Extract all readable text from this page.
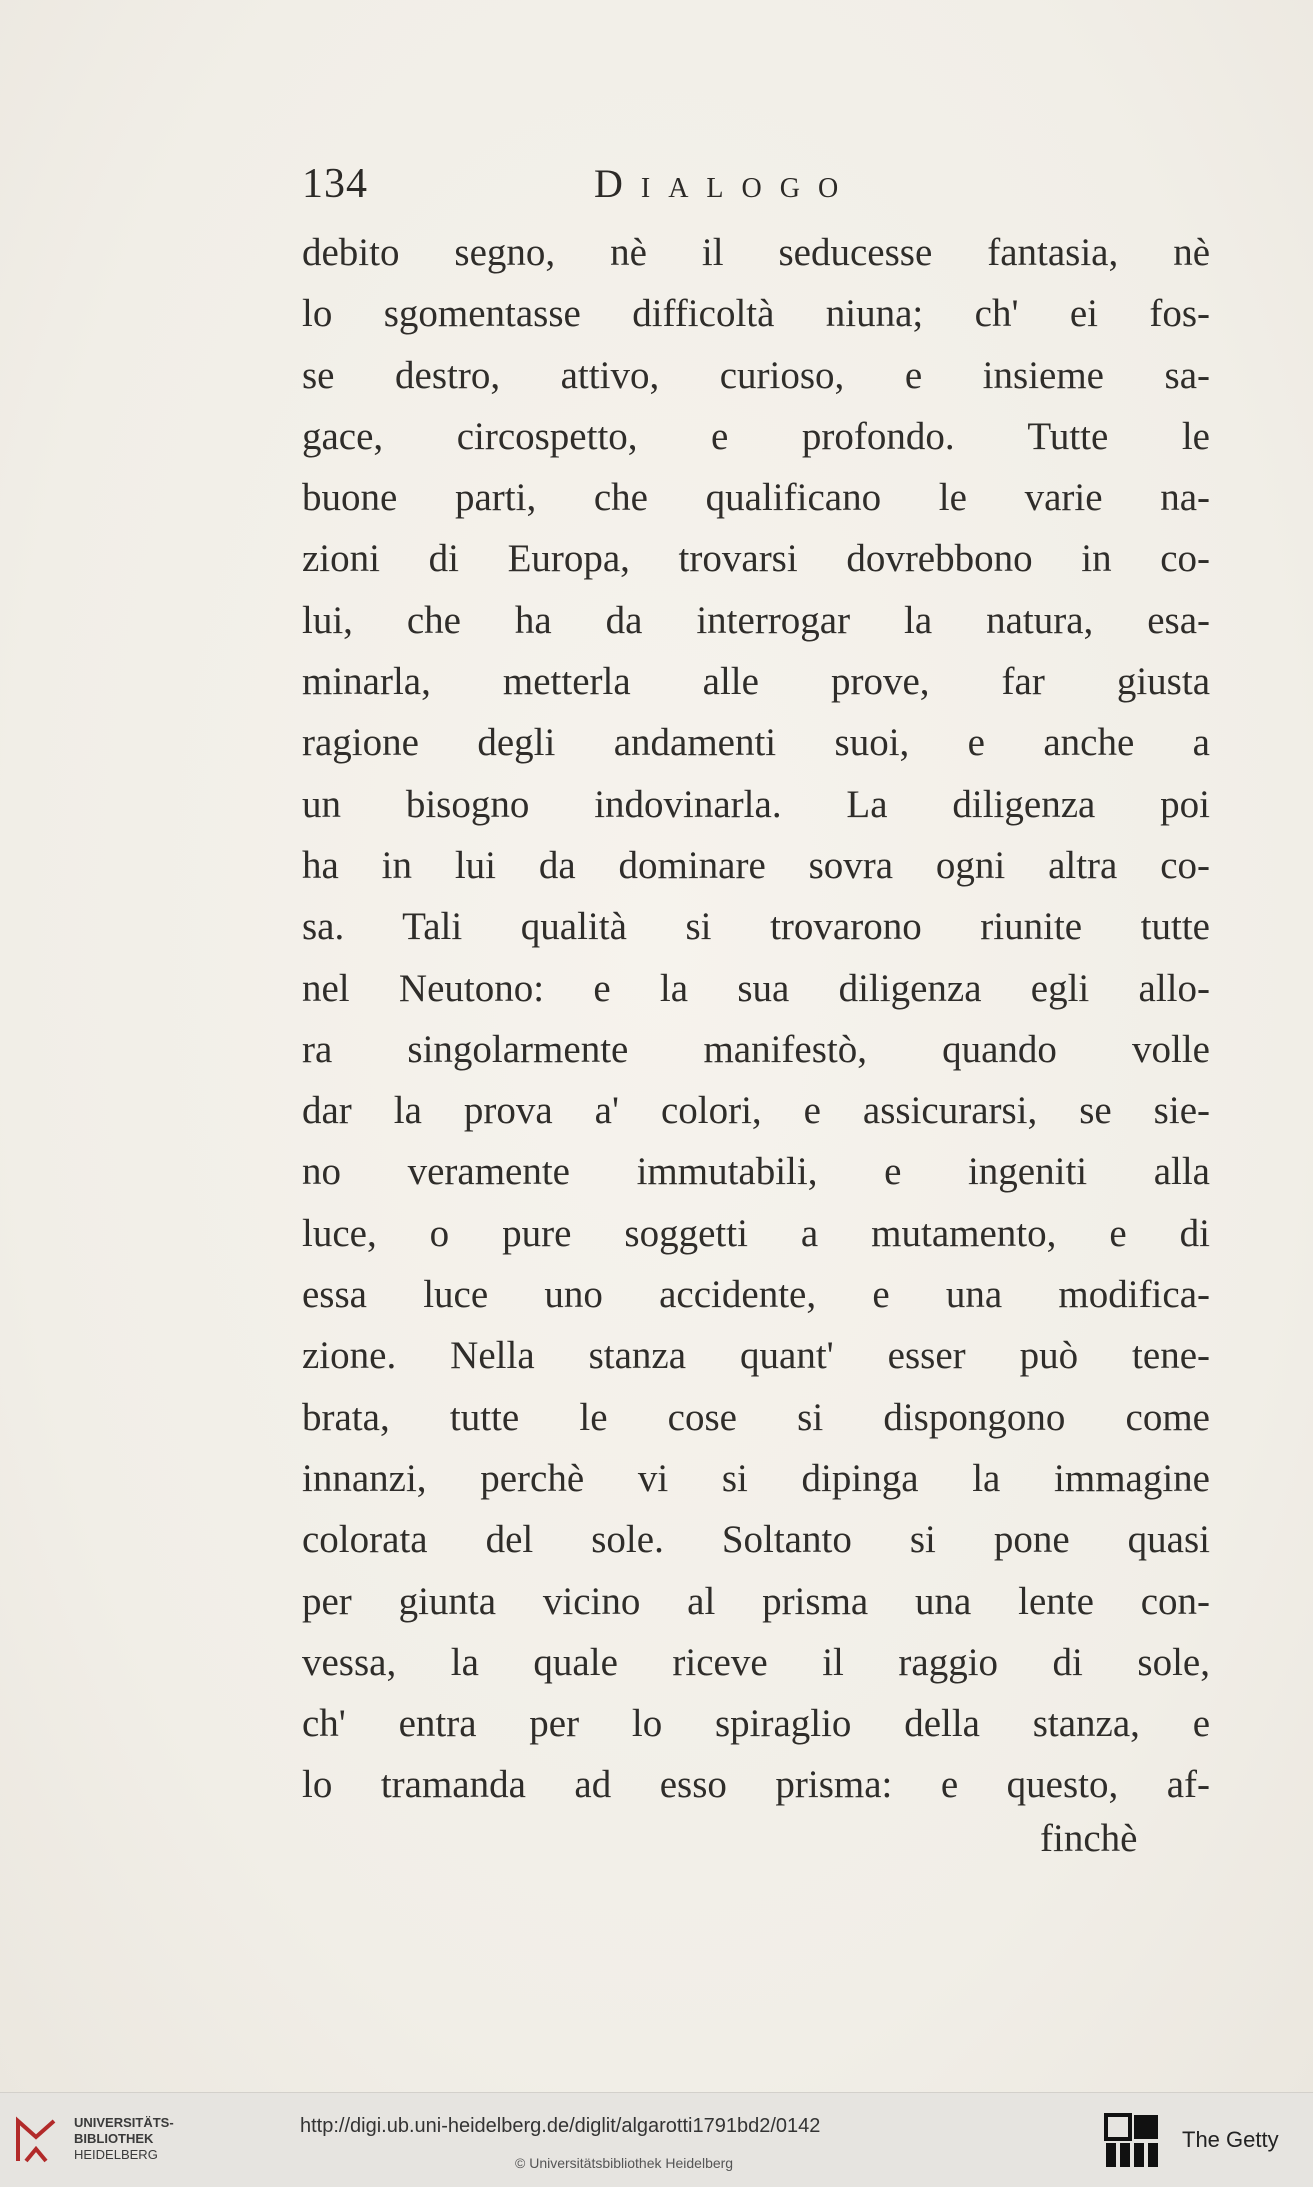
134	Dialogo
debito segno, nè il seducesse fantasia, nè
lo sgomentasse difficoltà niuna; ch' ei fos-
se destro, attivo, curioso, e insieme sa-
gace, circospetto, e profondo. Tutte le
buone parti, che qualificano le varie na-
zioni di Europa, trovarsi dovrebbono in co-
lui, che ha da interrogar la natura, esa-
minarla, metterla alle prove, far giusta
ragione degli andamenti suoi, e anche a
un bisogno indovinarla. La diligenza poi
ha in lui da dominare sovra ogni altra co-
sa. Tali qualità si trovarono riunite tutte
nel Neutono: e la sua diligenza egli allo-
ra singolarmente manifestò, quando volle
dar la prova a' colori, e assicurarsi, se sie-
no veramente immutabili, e ingeniti alla
luce, o pure soggetti a mutamento, e di
essa luce uno accidente, e una modifica-
zione. Nella stanza quant' esser può tene-
brata, tutte le cose si dispongono come
innanzi, perchè vi si dipinga la immagine
colorata del sole. Soltanto si pone quasi
per giunta vicino al prisma una lente con-
vessa, la quale riceve il raggio di sole,
ch' entra per lo spiraglio della stanza, e
lo tramanda ad esso prisma: e questo, af-
finchè
UNIVERSITÄTS-
BIBLIOTHEK
HEIDELBERG
http://digi.ub.uni-heidelberg.de/diglit/algarotti1791bd2/0142
© Universitätsbibliothek Heidelberg
The Getty
